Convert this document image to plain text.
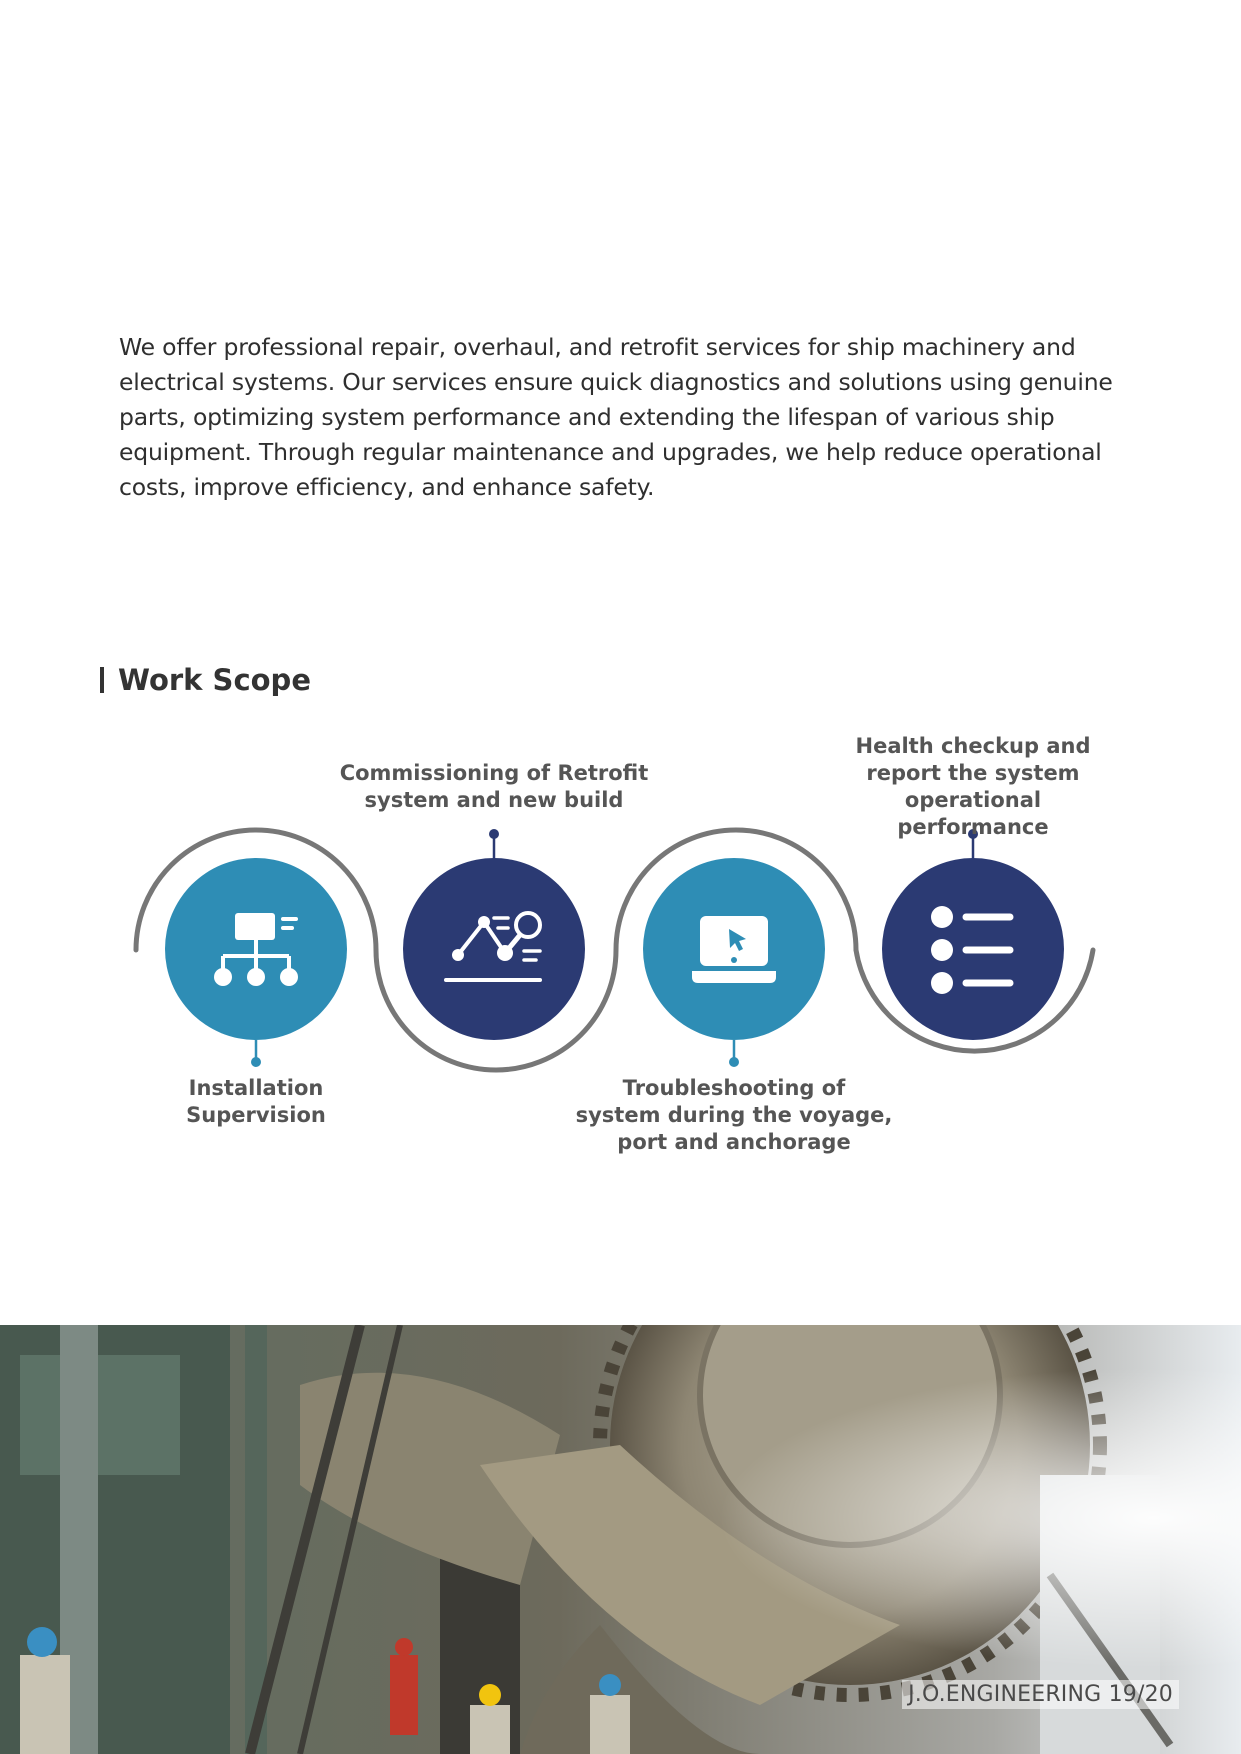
We offer professional repair, overhaul, and retrofit services for ship machinery and electrical systems. Our services ensure quick diagnostics and solutions using genuine parts, optimizing system performance and extending the lifespan of various ship equipment. Through regular maintenance and upgrades, we help reduce operational costs, improve efficiency, and enhance safety.

Work Scope
Installation
Supervision
Commissioning of Retrofit
system and new build
Troubleshooting of
system during the voyage,
port and anchorage
Health checkup and
report the system
operational performance
J.O.ENGINEERING 19/20
